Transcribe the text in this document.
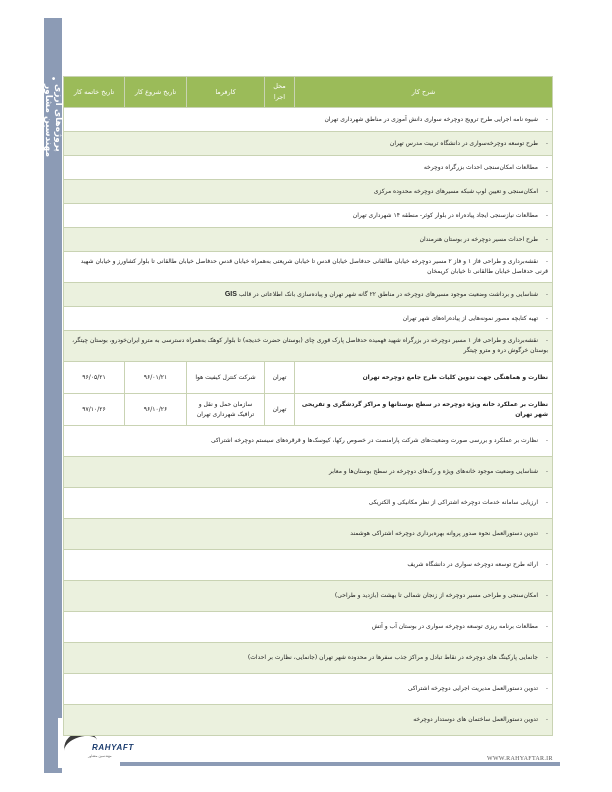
•
پروژه‌های ارزی مهندسین مشاور	شرح کار	محل اجرا	کارفرما	تاریخ شروع کار	تاریخ خاتمه کار
-شیوه نامه اجرایی طرح ترویج دوچرخه سواری دانش آموزی در مناطق شهرداری تهران				
-طرح توسعه دوچرخه‌سواری در دانشگاه تربیت مدرس تهران				
-مطالعات امکان‌سنجی احداث بزرگراه دوچرخه				
-امکان‌سنجی و تعیین لوپ شبکه مسیرهای دوچرخه محدوده مرکزی				
-مطالعات نیازسنجی ایجاد پیاده‌راه در بلوار کوثر- منطقه ۱۴ شهرداری تهران				
-طرح احداث مسیر دوچرخه در بوستان هنرمندان				
-نقشه‌برداری و طراحی فاز ۱ و فاز ۲ مسیر دوچرخه خیابان طالقانی حدفاصل خیابان قدس تا خیابان شریعتی به‌همراه خیابان قدس حدفاصل خیابان طالقانی تا بلوار کشاورز و خیابان شهید قرنی حدفاصل خیابان طالقانی تا خیابان کریمخان				
-شناسایی و برداشت وضعیت موجود مسیرهای دوچرخه در مناطق ۲۲ گانه شهر تهران و پیاده‌سازی بانک اطلاعاتی در قالب GIS				
-تهیه کتابچه مصور نمونه‌هایی از پیاده‌راه‌های شهر تهران				
-نقشه‌برداری و طراحی فاز ۱ مسیر دوچرخه در بزرگراه شهید فهمیده حدفاصل پارک قوری چای (بوستان حضرت خدیجه) تا بلوار کوهک به‌همراه دسترسی به مترو ایران‌خودرو، بوستان چیتگر، بوستان خرگوش دره و مترو چیتگر				
نظارت و هماهنگی جهت تدوین کلیات طرح جامع دوچرخه تهران	تهران	شرکت کنترل کیفیت هوا	۹۶/۰۱/۲۱	۹۶/۰۵/۲۱
نظارت بر عملکرد خانه ویژه دوچرخه در سطح بوستانها و مراکز گردشگری و تفریحی شهر تهران	تهران	سازمان حمل و نقل و ترافیک شهرداری تهران	۹۶/۱۰/۲۶	۹۷/۱۰/۲۶
-نظارت بر عملکرد و بررسی صورت وضعیت‌های شرکت پارامنصت در خصوص رکها، کیوسک‌ها و قرقره‌های سیستم دوچرخه اشتراکی				
-شناسایی وضعیت موجود خانه‌های ویژه و رک‌های دوچرخه در سطح بوستان‌ها و معابر				
-ارزیابی سامانه خدمات دوچرخه اشتراکی از نظر مکانیکی و الکتریکی				
-تدوین دستورالعمل نحوه صدور پروانه بهره‌برداری دوچرخه اشتراکی هوشمند				
-ارائه طرح توسعه دوچرخه سواری در دانشگاه شریف				
-امکان‌سنجی و طراحی مسیر دوچرخه از زنجان شمالی تا بهشت (بازدید و طراحی)				
-مطالعات برنامه ریزی توسعه دوچرخه سواری در بوستان آب و آتش				
-جانمایی پارکینگ های دوچرخه در نقاط تبادل و مراکز جذب سفرها در محدوده شهر تهران (جانمایی، نظارت بر احداث)				
-تدوین دستورالعمل مدیریت اجرایی دوچرخه اشتراکی				
-تدوین دستورالعمل ساختمان های دوستدار دوچرخه				
RAHYAFT
مهندسین مشاور	WWW.RAHYAFTAR.IR
